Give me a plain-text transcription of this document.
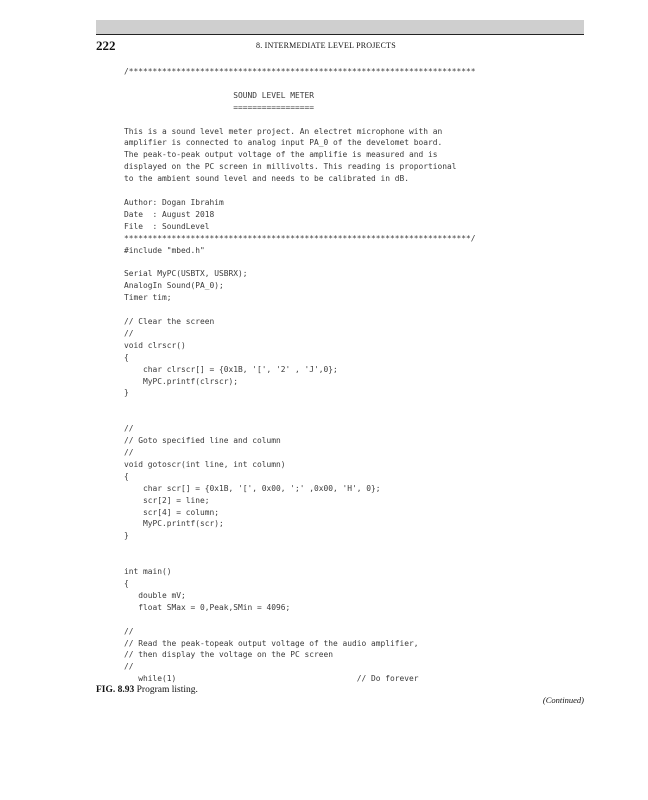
222	8. INTERMEDIATE LEVEL PROJECTS
/*************************************************************************

SOUND LEVEL METER
=================

This is a sound level meter project. An electret microphone with an
amplifier is connected to analog input PA_0 of the develomet board.
The peak-to-peak output voltage of the amplifie is measured and is
displayed on the PC screen in millivolts. This reading is proportional
to the ambient sound level and needs to be calibrated in dB.

Author: Dogan Ibrahim
Date  : August 2018
File  : SoundLevel
*************************************************************************/
#include "mbed.h"

Serial MyPC(USBTX, USBRX);
AnalogIn Sound(PA_0);
Timer tim;

// Clear the screen
//
void clrscr()
{
char clrscr[] = {0x1B, '[', '2' , 'J',0};
MyPC.printf(clrscr);
}

//
// Goto specified line and column
//
void gotoscr(int line, int column)
{
char scr[] = {0x1B, '[', 0x00, ';' ,0x00, 'H', 0};
scr[2] = line;
scr[4] = column;
MyPC.printf(scr);
}

int main()
{
double mV;
float SMax = 0,Peak,SMin = 4096;

//
// Read the peak-topeak output voltage of the audio amplifier,
// then display the voltage on the PC screen
//
while(1)                                      // Do forever
FIG. 8.93 Program listing.
(Continued)
